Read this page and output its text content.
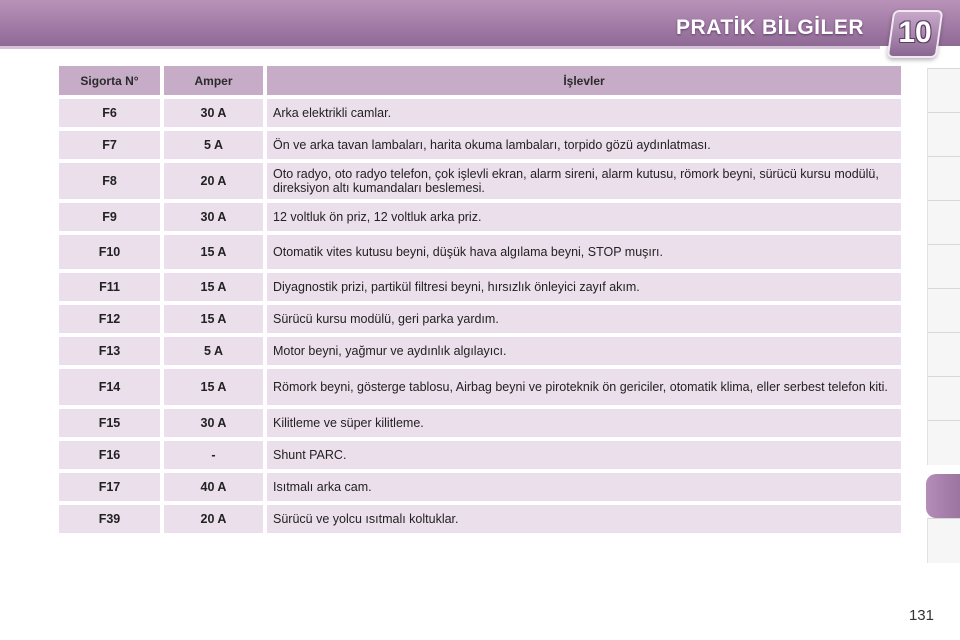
PRATİK BİLGİLER 10
Sigorta N°	Amper	İşlevler
F6	30 A	Arka elektrikli camlar.
F7	5 A	Ön ve arka tavan lambaları, harita okuma lambaları, torpido gözü aydınlatması.
F8	20 A	Oto radyo, oto radyo telefon, çok işlevli ekran, alarm sireni, alarm kutusu, römork beyni, sürücü kursu modülü, direksiyon altı kumandaları beslemesi.
F9	30 A	12 voltluk ön priz, 12 voltluk arka priz.
F10	15 A	Otomatik vites kutusu beyni, düşük hava algılama beyni, STOP muşırı.
F11	15 A	Diyagnostik prizi, partikül filtresi beyni, hırsızlık önleyici zayıf akım.
F12	15 A	Sürücü kursu modülü, geri parka yardım.
F13	5 A	Motor beyni, yağmur ve aydınlık algılayıcı.
F14	15 A	Römork beyni, gösterge tablosu, Airbag beyni ve piroteknik ön gericiler, otomatik klima, eller serbest telefon kiti.
F15	30 A	Kilitleme ve süper kilitleme.
F16	-	Shunt PARC.
F17	40 A	Isıtmalı arka cam.
F39	20 A	Sürücü ve yolcu ısıtmalı koltuklar.
131
